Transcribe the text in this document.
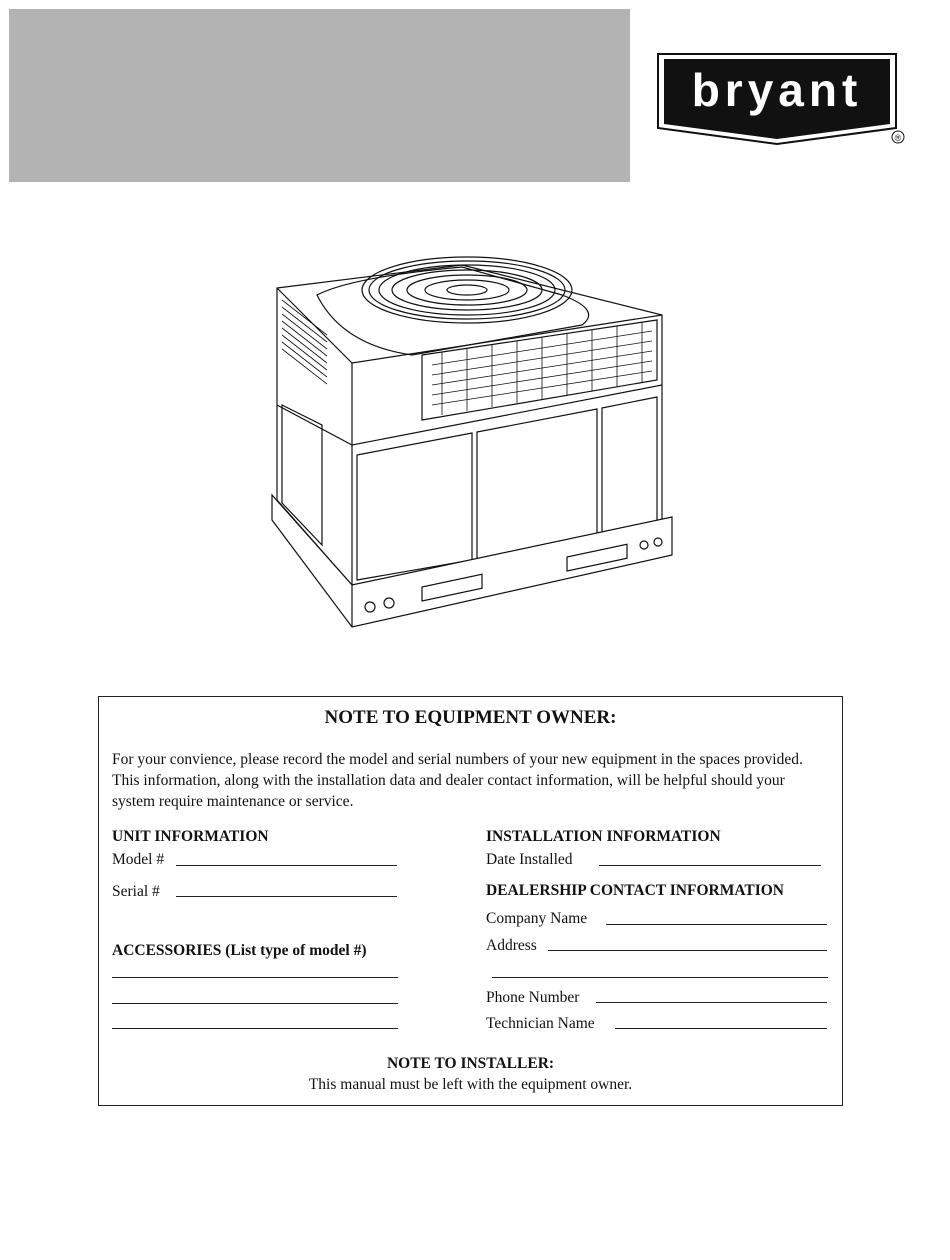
bryant
®
NOTE TO EQUIPMENT OWNER:

For your convience, please record the model and serial numbers of your new equipment in the spaces provided. This information, along with the installation data and dealer contact information, will be helpful should your system require maintenance or service.

UNIT INFORMATION
Model #
Serial #
ACCESSORIES (List type of model #)
INSTALLATION INFORMATION
Date Installed
DEALERSHIP CONTACT INFORMATION
Company Name
Address
Phone Number
Technician Name
NOTE TO INSTALLER:
This manual must be left with the equipment owner.
